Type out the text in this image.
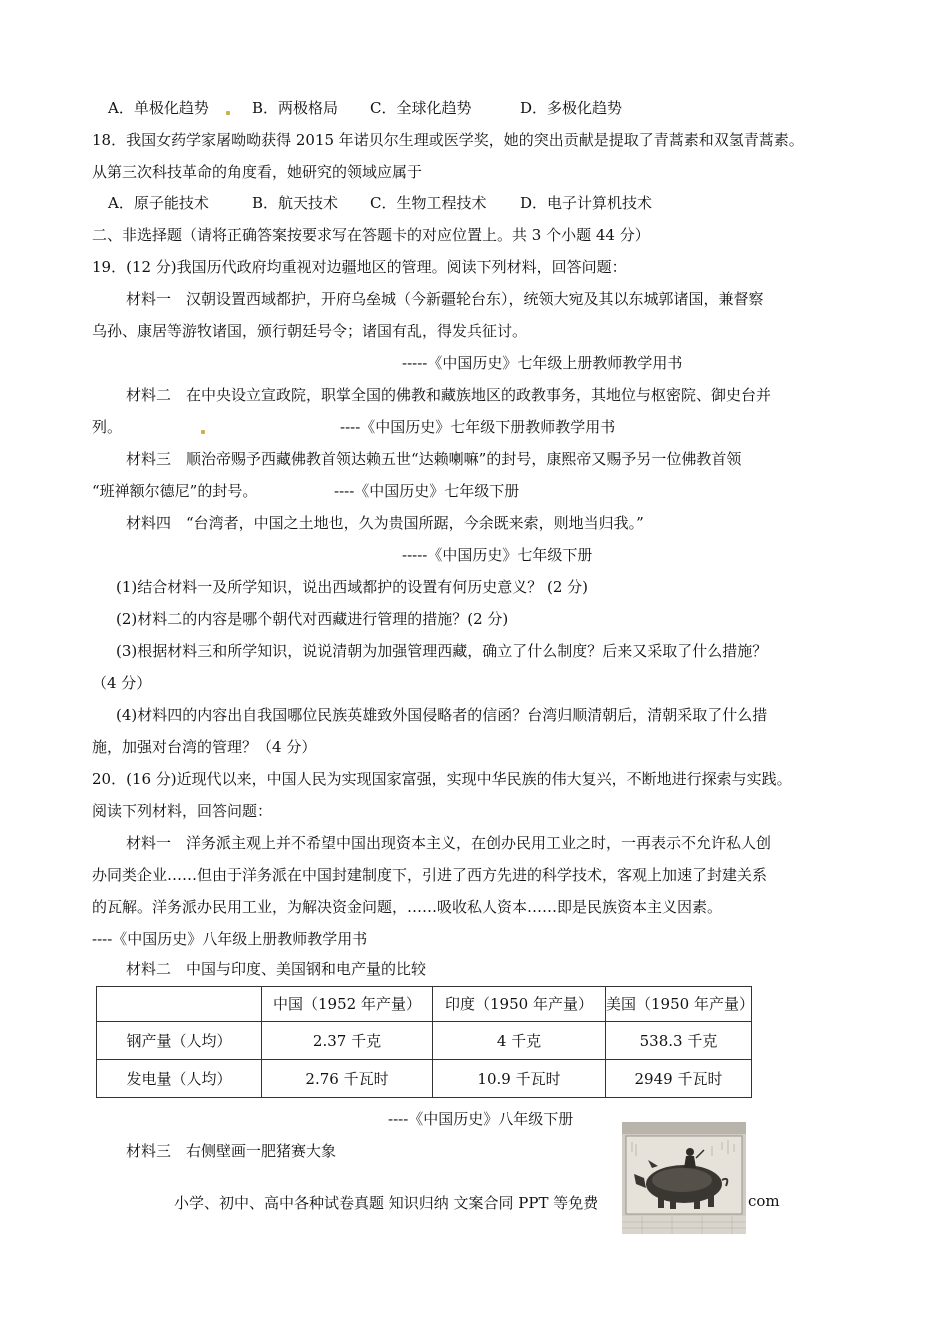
A．单极化趋势	B．两极格局 C．全球化趋势	D．多极化趋势
18．我国女药学家屠呦呦获得 2015 年诺贝尔生理或医学奖，她的突出贡献是提取了青蒿素和双氢青蒿素。
从第三次科技革命的角度看，她研究的领域应属于
A．原子能技术	B．航天技术 C．生物工程技术 D．电子计算机技术
二、非选择题（请将正确答案按要求写在答题卡的对应位置上。共 3 个小题 44 分）
19．(12 分)我国历代政府均重视对边疆地区的管理。阅读下列材料，回答问题：
材料一　汉朝设置西域都护，开府乌垒城（今新疆轮台东），统领大宛及其以东城郭诸国，兼督察
乌孙、康居等游牧诸国，颁行朝廷号令；诸国有乱，得发兵征讨。
-----《中国历史》七年级上册教师教学用书
材料二　在中央设立宣政院，职掌全国的佛教和藏族地区的政教事务，其地位与枢密院、御史台并
列。	----《中国历史》七年级下册教师教学用书
材料三　顺治帝赐予西藏佛教首领达赖五世“达赖喇嘛”的封号，康熙帝又赐予另一位佛教首领
“班禅额尔德尼”的封号。	----《中国历史》七年级下册
材料四　“台湾者，中国之土地也，久为贵国所踞，今余既来索，则地当归我。”
-----《中国历史》七年级下册
(1)结合材料一及所学知识，说出西域都护的设置有何历史意义？ (2 分)
(2)材料二的内容是哪个朝代对西藏进行管理的措施？(2 分)
(3)根据材料三和所学知识，说说清朝为加强管理西藏，确立了什么制度？后来又采取了什么措施？
（4 分）
(4)材料四的内容出自我国哪位民族英雄致外国侵略者的信函？台湾归顺清朝后，清朝采取了什么措
施，加强对台湾的管理？（4 分）
20．(16 分)近现代以来，中国人民为实现国家富强，实现中华民族的伟大复兴，不断地进行探索与实践。
阅读下列材料，回答问题：
材料一　洋务派主观上并不希望中国出现资本主义，在创办民用工业之时，一再表示不允许私人创
办同类企业……但由于洋务派在中国封建制度下，引进了西方先进的科学技术，客观上加速了封建关系
的瓦解。洋务派办民用工业，为解决资金问题，……吸收私人资本……即是民族资本主义因素。
----《中国历史》八年级上册教师教学用书
材料二　中国与印度、美国钢和电产量的比较
	中国（1952 年产量）	印度（1950 年产量）	美国（1950 年产量）
钢产量（人均）	2.37 千克	4 千克	538.3 千克
发电量（人均）	2.76 千瓦时	10.9 千瓦时	2949 千瓦时
----《中国历史》八年级下册
材料三　右侧壁画一肥猪赛大象
小学、初中、高中各种试卷真题 知识归纳 文案合同 PPT 等免费	com
